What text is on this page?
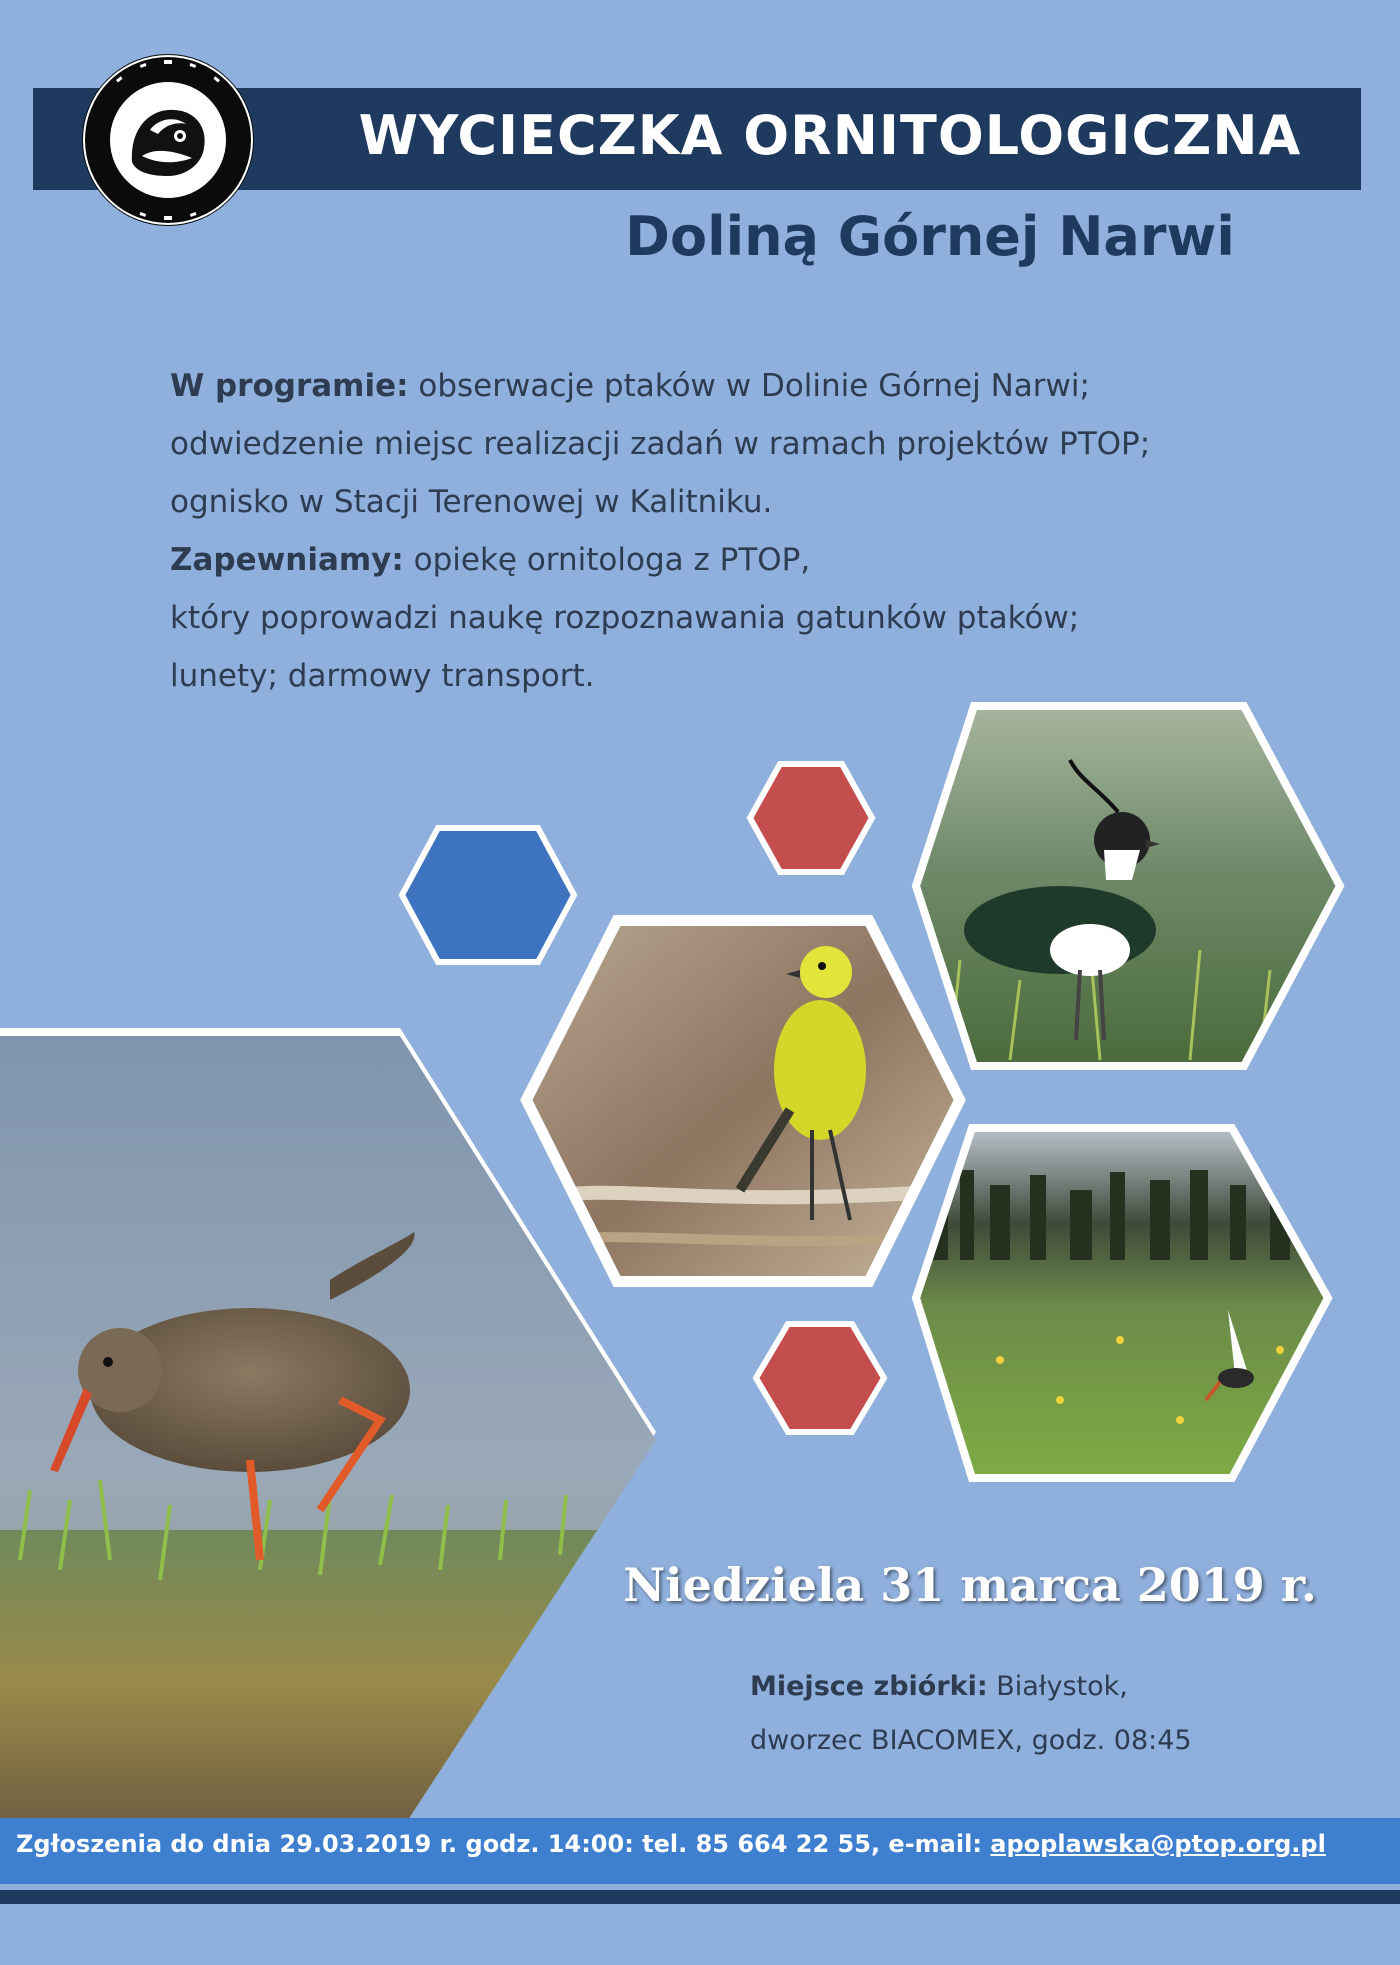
WYCIECZKA ORNITOLOGICZNA
Doliną Górnej Narwi
W programie: obserwacje ptaków w Dolinie Górnej Narwi;
odwiedzenie miejsc realizacji zadań w ramach projektów PTOP;
ognisko w Stacji Terenowej w Kalitniku.
Zapewniamy: opiekę ornitologa z PTOP,
który poprowadzi naukę rozpoznawania gatunków ptaków;
lunety; darmowy transport.
Niedziela 31 marca 2019 r.
Miejsce zbiórki: Białystok,
dworzec BIACOMEX, godz. 08:45
Zgłoszenia do dnia 29.03.2019 r. godz. 14:00: tel. 85 664 22 55, e-mail: apoplawska@ptop.org.pl
